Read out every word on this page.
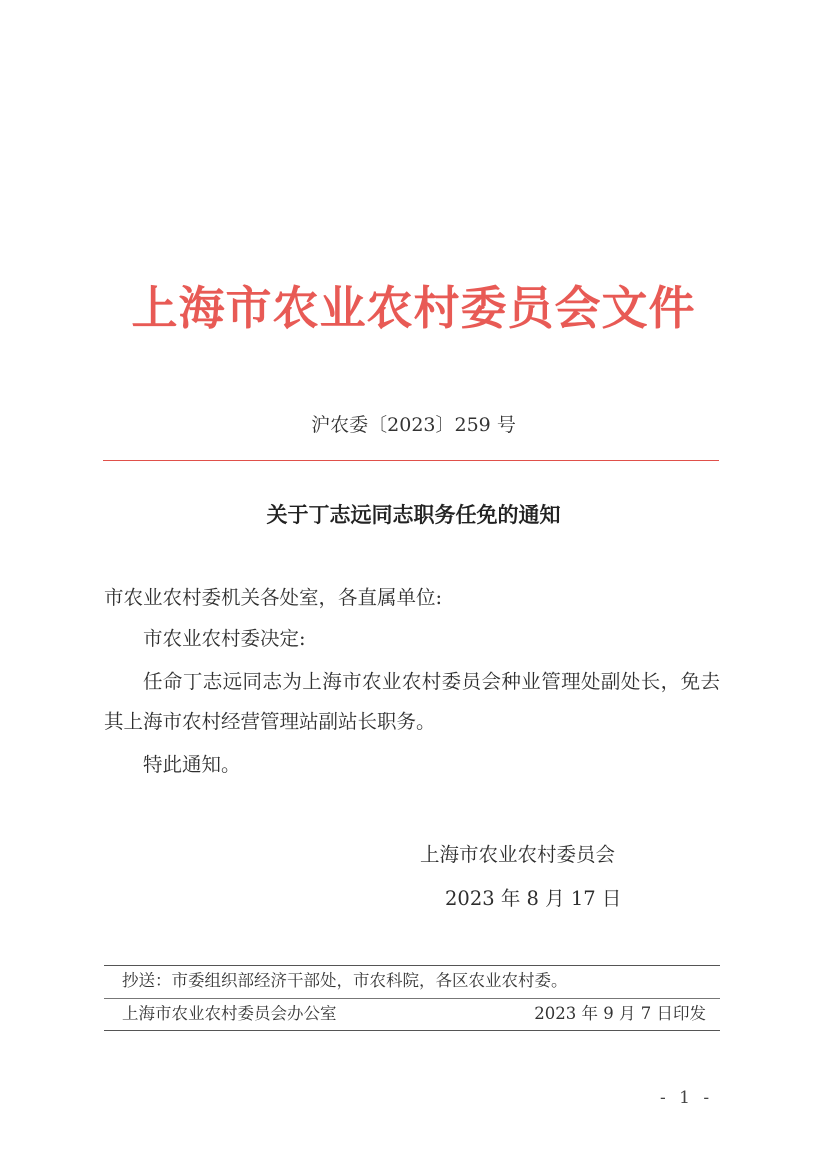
上海市农业农村委员会文件
沪农委〔2023〕259 号
关于丁志远同志职务任免的通知
市农业农村委机关各处室，各直属单位:
市农业农村委决定:
任命丁志远同志为上海市农业农村委员会种业管理处副处长，免去其上海市农村经营管理站副站长职务。
特此通知。
上海市农业农村委员会
2023 年 8 月 17 日
抄送：市委组织部经济干部处，市农科院，各区农业农村委。
上海市农业农村委员会办公室	2023 年 9 月 7 日印发
- 1 -
